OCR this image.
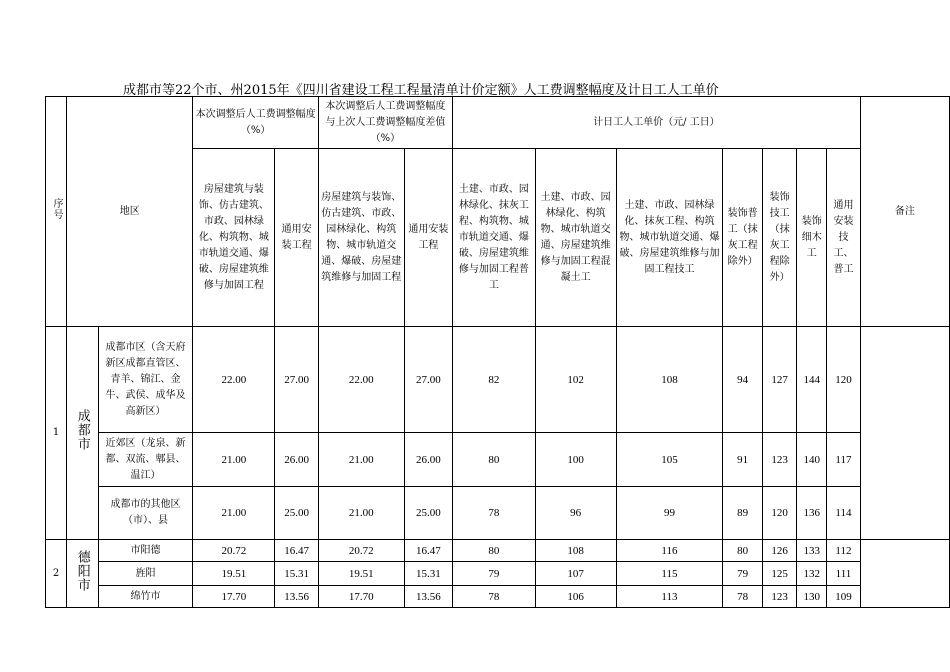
成都市等22个市、州2015年《四川省建设工程工程量清单计价定额》人工费调整幅度及计日工人工单价
序号	地区		本次调整后人工费调整幅度（%）		本次调整后人工费调整幅度与上次人工费调整幅度差值（%）		计日工人工单价（元/ 工日）							备注
			房屋建筑与装饰、仿古建筑、市政、园林绿化、构筑物、城市轨道交通、爆破、房屋建筑维修与加固工程	通用安装工程	房屋建筑与装饰、仿古建筑、市政、园林绿化、构筑物、城市轨道交通、爆破、房屋建筑维修与加固工程	通用安装工程	土建、市政、园林绿化、抹灰工程、构筑物、城市轨道交通、爆破、房屋建筑维修与加固工程普工	土建、市政、园林绿化、构筑物、城市轨道交通、房屋建筑维修与加固工程混凝土工	土建、市政、园林绿化、抹灰工程、构筑物、城市轨道交通、爆破、房屋建筑维修与加固工程技工	装饰普工（抹灰工程除外）	装饰技工（抹灰工程除外）	装饰细木工	通用安装技工、普工	
1	成都市	成都市区（含天府新区成都直管区、青羊、锦江、金牛、武侯、成华及高新区）	22.00	27.00	22.00	27.00	82	102	108	94	127	144	120	
		近郊区（龙泉、新都、双流、郫县、温江）	21.00	26.00	21.00	26.00	80	100	105	91	123	140	117	
		成都市的其他区（市）、县	21.00	25.00	21.00	25.00	78	96	99	89	120	136	114	
2	德阳市	市阳德	20.72	16.47	20.72	16.47	80	108	116	80	126	133	112	
		旌阳	19.51	15.31	19.51	15.31	79	107	115	79	125	132	111	
		绵竹市	17.70	13.56	17.70	13.56	78	106	113	78	123	130	109	
